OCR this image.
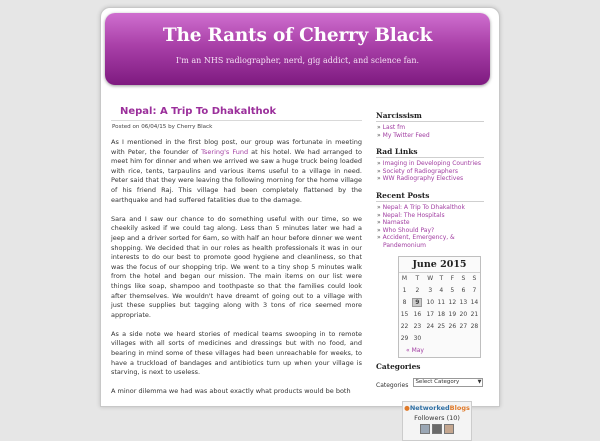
The Rants of Cherry Black
I'm an NHS radiographer, nerd, gig addict, and science fan.
Nepal: A Trip To Dhakalthok
Posted on 06/04/15 by Cherry Black

As I mentioned in the first blog post, our group was fortunate in meeting with Peter, the founder of Tsering's Fund at his hotel. We had arranged to meet him for dinner and when we arrived we saw a huge truck being loaded with rice, tents, tarpaulins and various items useful to a village in need. Peter said that they were leaving the following morning for the home village of his friend Raj. This village had been completely flattened by the earthquake and had suffered fatalities due to the damage.

Sara and I saw our chance to do something useful with our time, so we cheekily asked if we could tag along. Less than 5 minutes later we had a jeep and a driver sorted for 6am, so with half an hour before dinner we went shopping. We decided that in our roles as health professionals it was in our interests to do our best to promote good hygiene and cleanliness, so that was the focus of our shopping trip. We went to a tiny shop 5 minutes walk from the hotel and began our mission. The main items on our list were things like soap, shampoo and toothpaste so that the families could look after themselves. We wouldn't have dreamt of going out to a village with just these supplies but tagging along with 3 tons of rice seemed more appropriate.

As a side note we heard stories of medical teams swooping in to remote villages with all sorts of medicines and dressings but with no food, and bearing in mind some of these villages had been unreachable for weeks, to have a truckload of bandages and antibiotics turn up when your village is starving, is next to useless.

A minor dilemma we had was about exactly what products would be both

Narcissism
» Last fm
» My Twitter Feed
Rad Links
» Imaging in Developing Countries
» Society of Radiographers
» WW Radiography Electives
Recent Posts
» Nepal: A Trip To Dhakalthok
» Nepal: The Hospitals
» Namaste
» Who Should Pay?
» Accident, Emergency, &
Pandemonium
June 2015
M	T	W	T	F	S	S
1	2	3	4	5	6	7
8	9	10	11	12	13	14
15	16	17	18	19	20	21
22	23	24	25	26	27	28
29	30					
« May
Categories
Categories Select Category	▼
●NetworkedBlogs
Followers (10)
